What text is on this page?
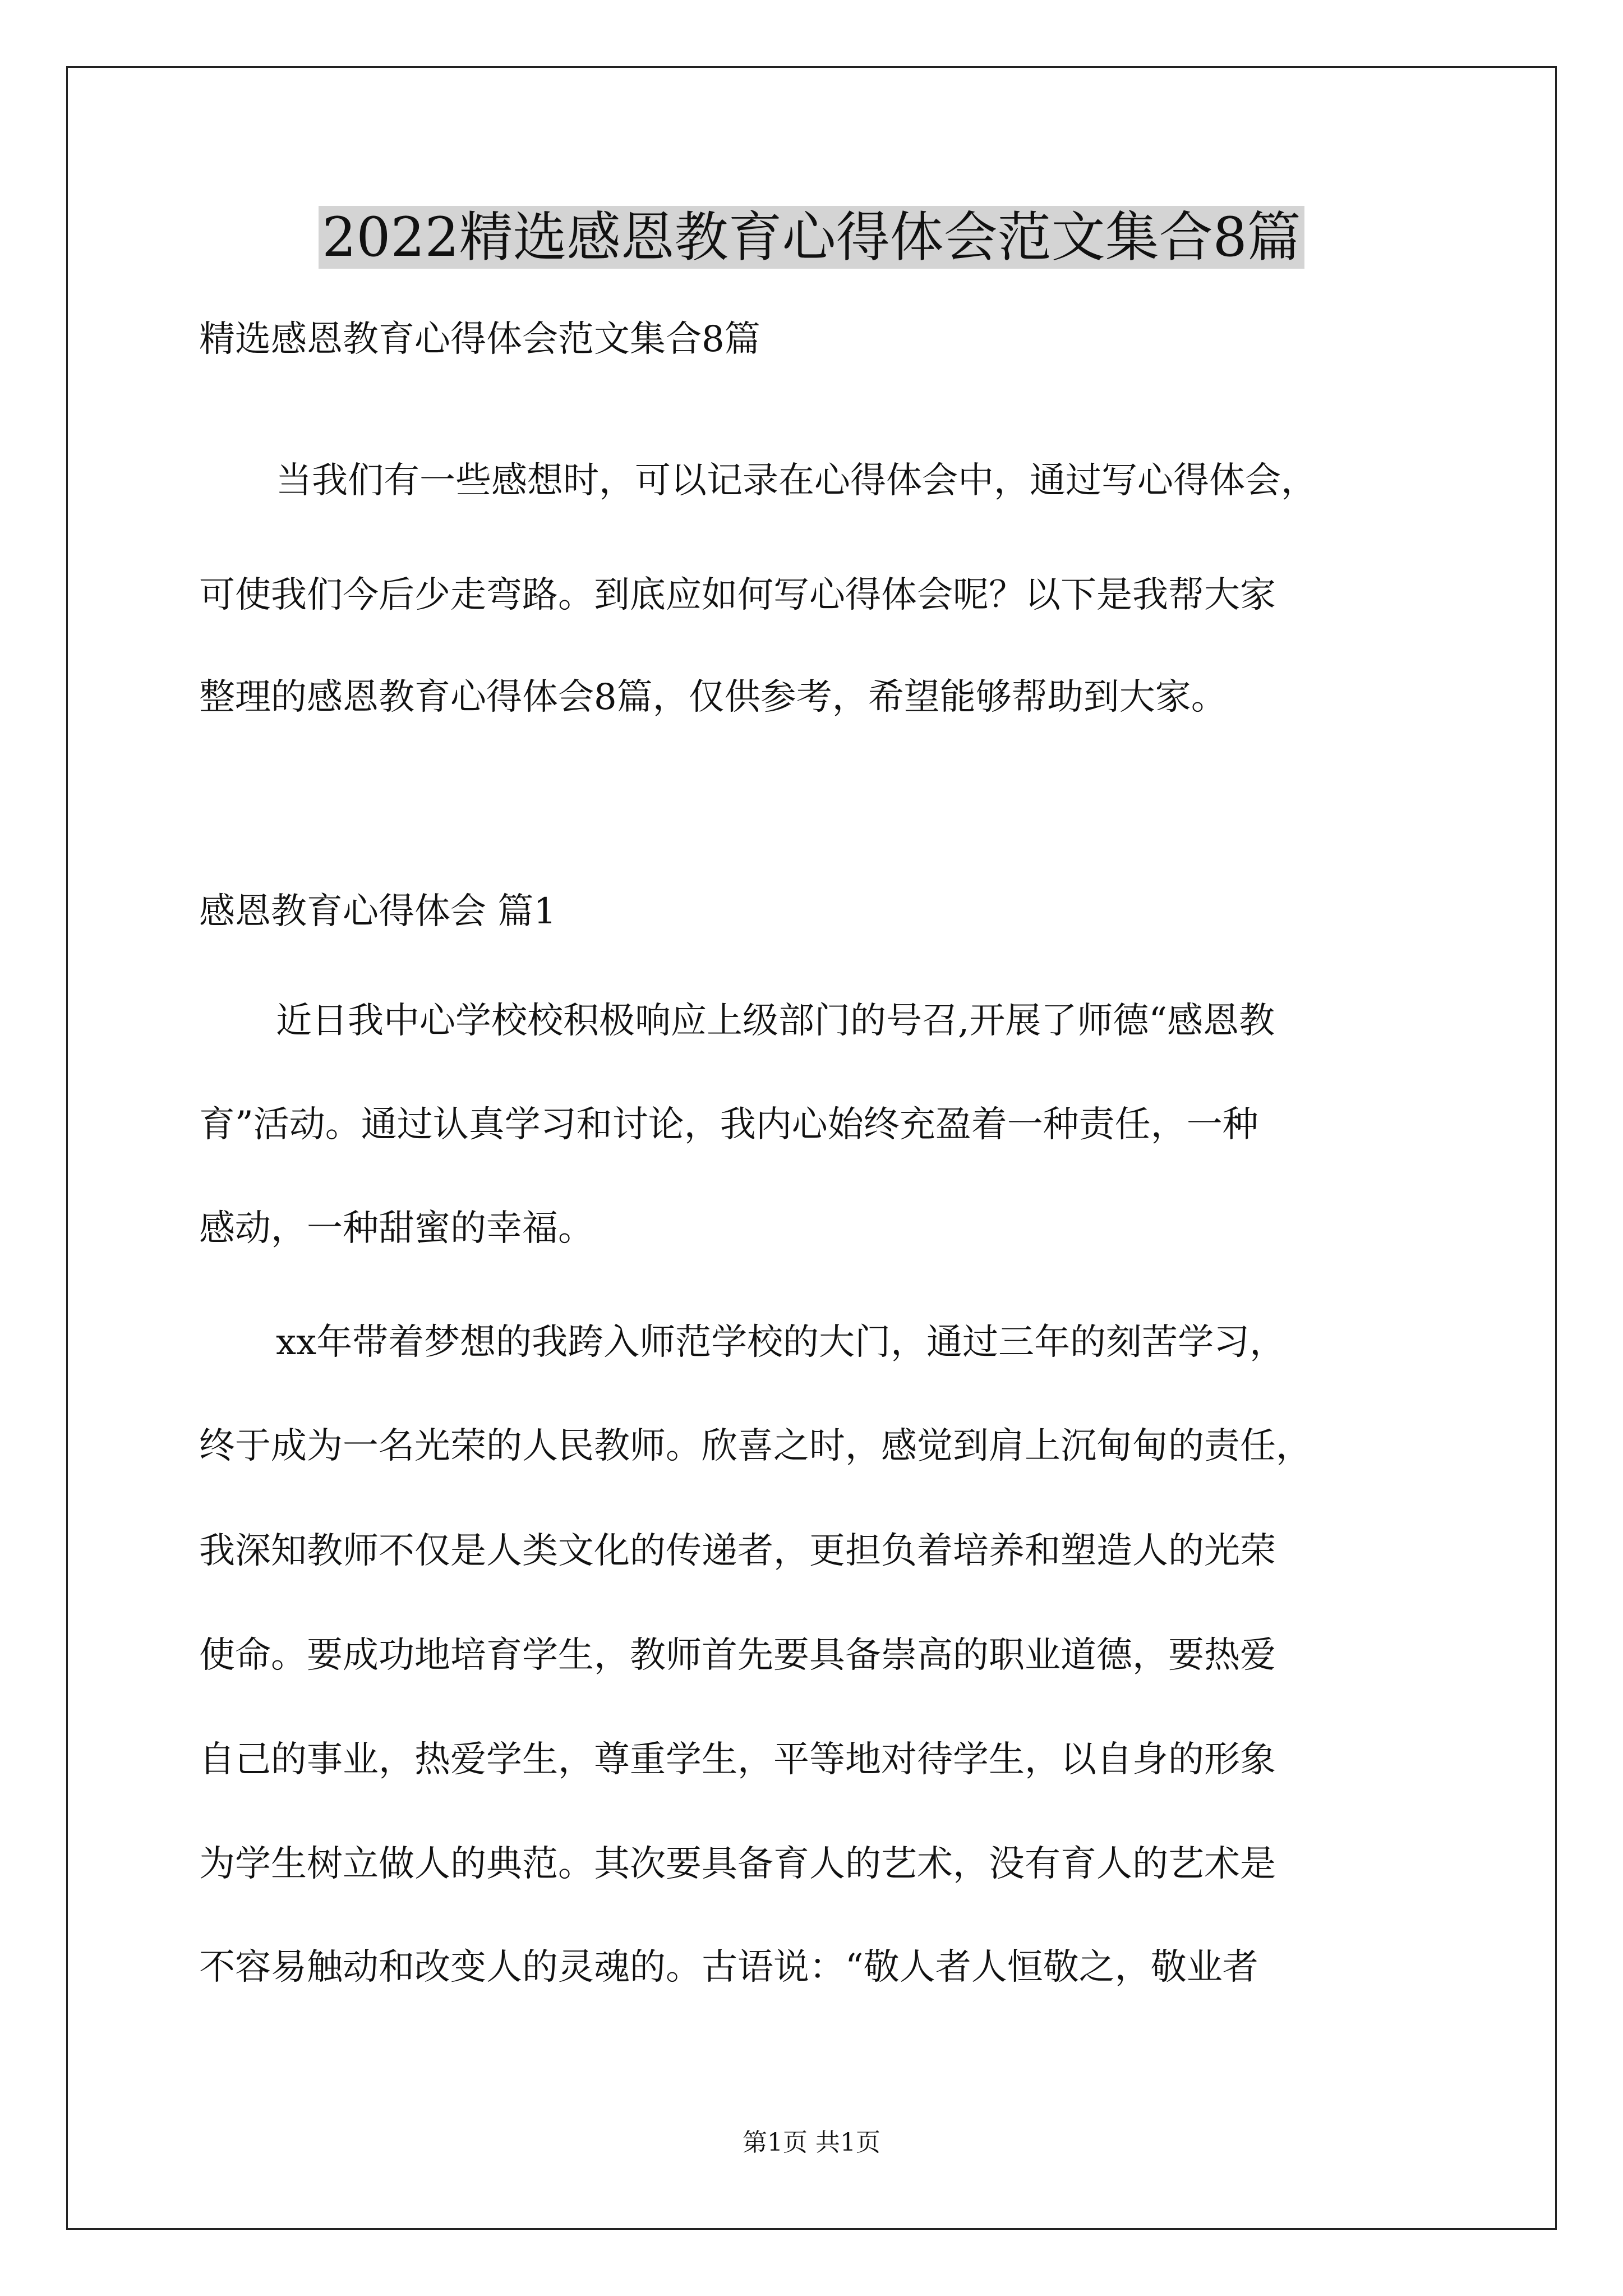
2022精选感恩教育心得体会范文集合8篇
精选感恩教育心得体会范文集合8篇
当我们有一些感想时，可以记录在心得体会中，通过写心得体会，
可使我们今后少走弯路。到底应如何写心得体会呢？以下是我帮大家
整理的感恩教育心得体会8篇，仅供参考，希望能够帮助到大家。
感恩教育心得体会 篇1
近日我中心学校校积极响应上级部门的号召,开展了师德“感恩教
育”活动。通过认真学习和讨论，我内心始终充盈着一种责任，一种
感动，一种甜蜜的幸福。
xx年带着梦想的我跨入师范学校的大门，通过三年的刻苦学习，
终于成为一名光荣的人民教师。欣喜之时，感觉到肩上沉甸甸的责任，
我深知教师不仅是人类文化的传递者，更担负着培养和塑造人的光荣
使命。要成功地培育学生，教师首先要具备崇高的职业道德，要热爱
自己的事业，热爱学生，尊重学生，平等地对待学生，以自身的形象
为学生树立做人的典范。其次要具备育人的艺术，没有育人的艺术是
不容易触动和改变人的灵魂的。古语说：“敬人者人恒敬之，敬业者
第1页 共1页
